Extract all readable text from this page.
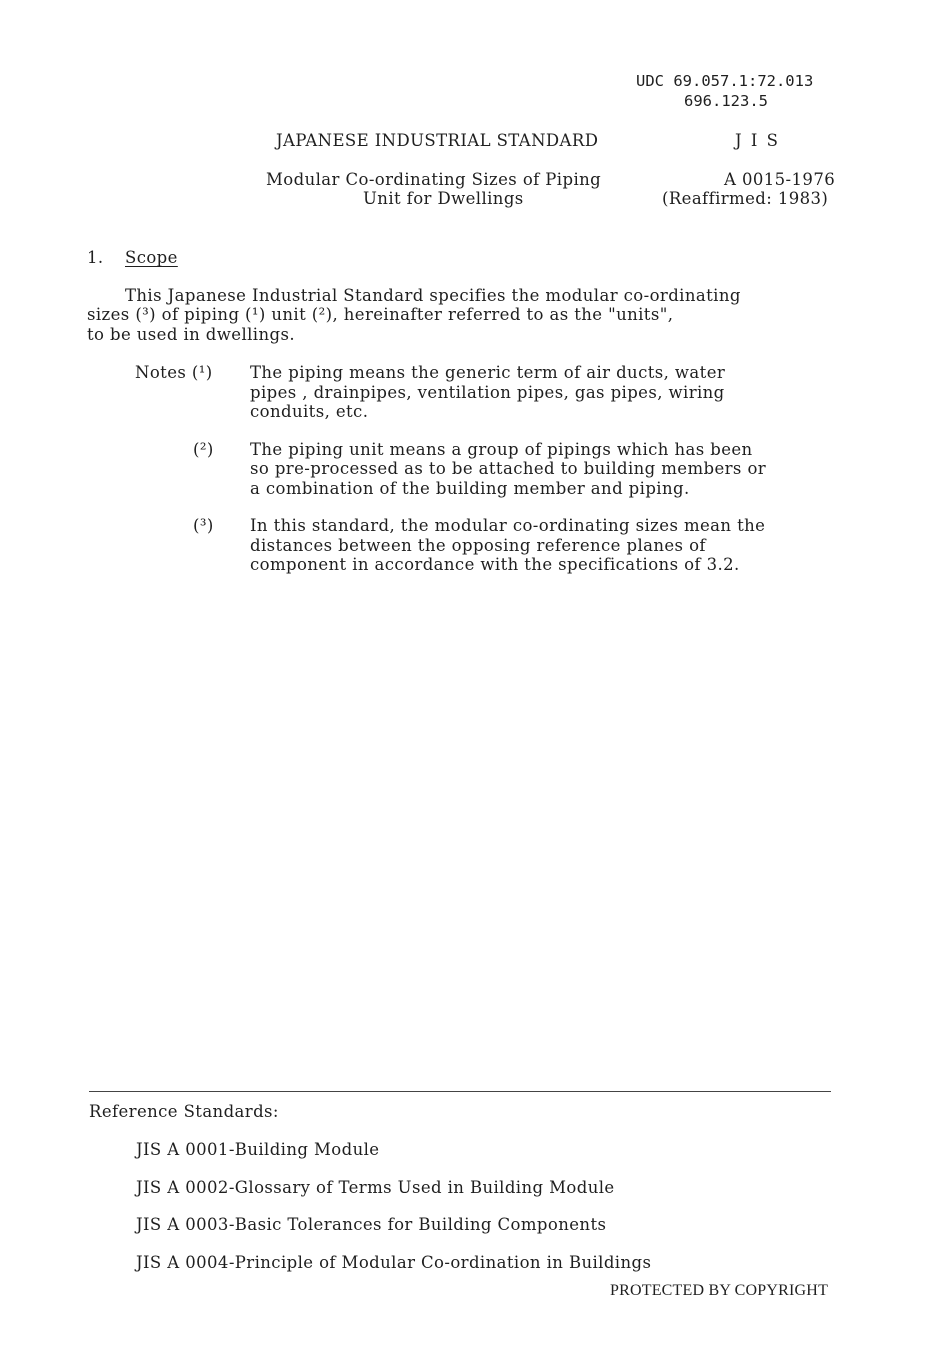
UDC 69.057.1:72.013
696.123.5
JAPANESE INDUSTRIAL STANDARD	J I S
Modular Co-ordinating Sizes of Piping
Unit for Dwellings
A 0015-1976
(Reaffirmed: 1983)
1. Scope
This Japanese Industrial Standard specifies the modular co-ordinating
sizes (³) of piping (¹) unit (²), hereinafter referred to as the "units",
to be used in dwellings.
Notes (¹) The piping means the generic term of air ducts, water
pipes , drainpipes, ventilation pipes, gas pipes, wiring
conduits, etc.
(²) The piping unit means a group of pipings which has been
so pre-processed as to be attached to building members or
a combination of the building member and piping.
(³) In this standard, the modular co-ordinating sizes mean the
distances between the opposing reference planes of
component in accordance with the specifications of 3.2.
Reference Standards:
JIS A 0001-Building Module
JIS A 0002-Glossary of Terms Used in Building Module
JIS A 0003-Basic Tolerances for Building Components
JIS A 0004-Principle of Modular Co-ordination in Buildings
PROTECTED BY COPYRIGHT
